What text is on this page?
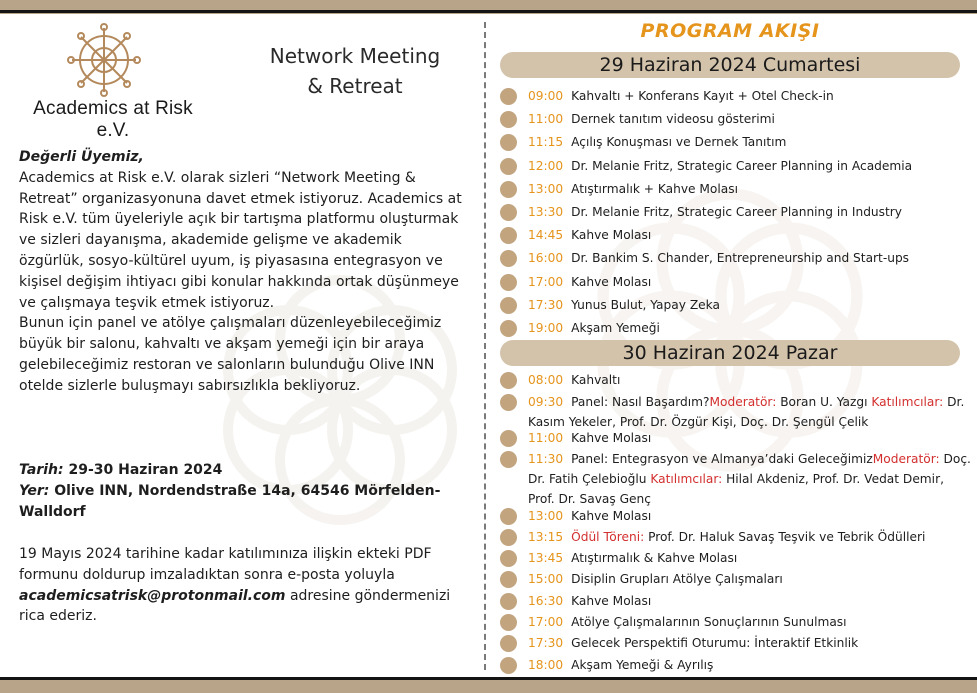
Academics at Risk e.V.
Network Meeting
& Retreat

Değerli Üyemiz,

Academics at Risk e.V. olarak sizleri “Network Meeting & Retreat” organizasyonuna davet etmek istiyoruz. Academics at Risk e.V. tüm üyeleriyle açık bir tartışma platformu oluşturmak ve sizleri dayanışma, akademide gelişme ve akademik özgürlük, sosyo-kültürel uyum, iş piyasasına entegrasyon ve kişisel değişim ihtiyacı gibi konular hakkında ortak düşünmeye ve çalışmaya teşvik etmek istiyoruz.

Bunun için panel ve atölye çalışmaları düzenleyebileceğimiz büyük bir salonu, kahvaltı ve akşam yemeği için bir araya gelebileceğimiz restoran ve salonların bulunduğu Olive INN otelde sizlerle buluşmayı sabırsızlıkla bekliyoruz.

Tarih: 29-30 Haziran 2024

Yer: Olive INN, Nordendstraße 14a, 64546 Mörfelden-Walldorf

19 Mayıs 2024 tarihine kadar katılımınıza ilişkin ekteki PDF formunu doldurup imzaladıktan sonra e-posta yoluyla academicsatrisk@protonmail.com adresine göndermenizi rica ederiz.

PROGRAM AKIŞI
29 Haziran 2024 Cumartesi
30 Haziran 2024 Pazar
09:00 Kahvaltı + Konferans Kayıt + Otel Check-in
11:00 Dernek tanıtım videosu gösterimi
11:15 Açılış Konuşması ve Dernek Tanıtım
12:00 Dr. Melanie Fritz, Strategic Career Planning in Academia
13:00 Atıştırmalık + Kahve Molası
13:30 Dr. Melanie Fritz, Strategic Career Planning in Industry
14:45 Kahve Molası
16:00 Dr. Bankim S. Chander, Entrepreneurship and Start-ups
17:00 Kahve Molası
17:30 Yunus Bulut, Yapay Zeka
19:00 Akşam Yemeği
08:00 Kahvaltı
09:30 Panel: Nasıl Başardım?Moderatör: Boran U. Yazgı Katılımcılar: Dr. Kasım Yekeler, Prof. Dr. Özgür Kişi, Doç. Dr. Şengül Çelik
11:00 Kahve Molası
11:30 Panel: Entegrasyon ve Almanya’daki GeleceğimizModeratör: Doç. Dr. Fatih Çelebioğlu Katılımcılar: Hilal Akdeniz, Prof. Dr. Vedat Demir, Prof. Dr. Savaş Genç
13:00 Kahve Molası
13:15 Ödül Töreni: Prof. Dr. Haluk Savaş Teşvik ve Tebrik Ödülleri
13:45 Atıştırmalık & Kahve Molası
15:00 Disiplin Grupları Atölye Çalışmaları
16:30 Kahve Molası
17:00 Atölye Çalışmalarının Sonuçlarının Sunulması
17:30 Gelecek Perspektifi Oturumu: İnteraktif Etkinlik
18:00 Akşam Yemeği & Ayrılış
